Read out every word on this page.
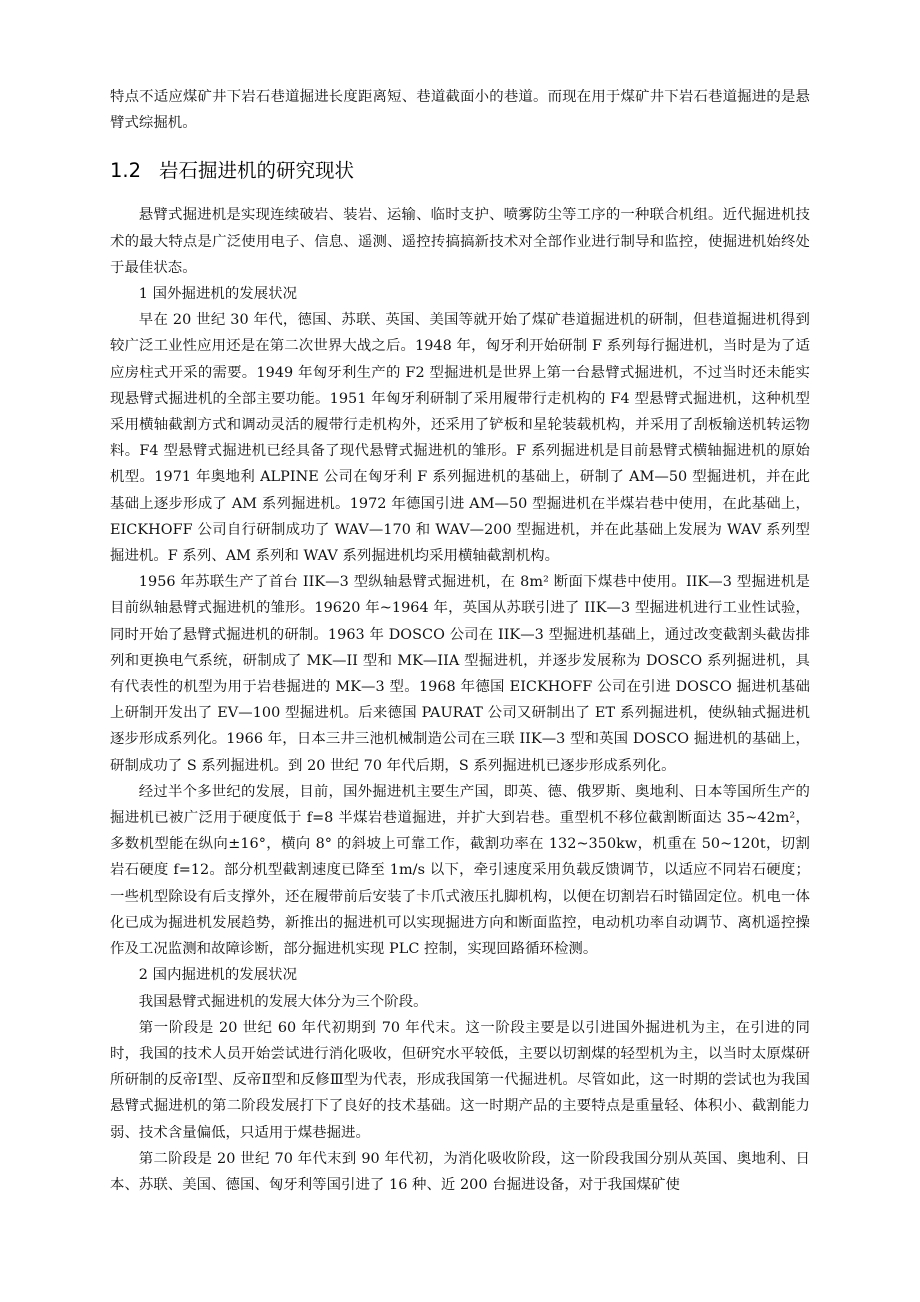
特点不适应煤矿井下岩石巷道掘进长度距离短、巷道截面小的巷道。而现在用于煤矿井下岩石巷道掘进的是悬臂式综掘机。

1.2 岩石掘进机的研究现状

悬臂式掘进机是实现连续破岩、装岩、运输、临时支护、喷雾防尘等工序的一种联合机组。近代掘进机技术的最大特点是广泛使用电子、信息、遥测、遥控抟搞搞新技术对全部作业进行制导和监控，使掘进机始终处于最佳状态。

1 国外掘进机的发展状况

早在 20 世纪 30 年代，德国、苏联、英国、美国等就开始了煤矿巷道掘进机的研制，但巷道掘进机得到较广泛工业性应用还是在第二次世界大战之后。1948 年，匈牙利开始研制 F 系列每行掘进机，当时是为了适应房柱式开采的需要。1949 年匈牙利生产的 F2 型掘进机是世界上第一台悬臂式掘进机，不过当时还未能实现悬臂式掘进机的全部主要功能。1951 年匈牙利研制了采用履带行走机构的 F4 型悬臂式掘进机，这种机型采用横轴截割方式和调动灵活的履带行走机构外，还采用了铲板和星轮装载机构，并采用了刮板输送机转运物料。F4 型悬臂式掘进机已经具备了现代悬臂式掘进机的雏形。F 系列掘进机是目前悬臂式横轴掘进机的原始机型。1971 年奥地利 ALPINE 公司在匈牙利 F 系列掘进机的基础上，研制了 AM—50 型掘进机，并在此基础上逐步形成了 AM 系列掘进机。1972 年德国引进 AM—50 型掘进机在半煤岩巷中使用，在此基础上，EICKHOFF 公司自行研制成功了 WAV—170 和 WAV—200 型掘进机，并在此基础上发展为 WAV 系列型掘进机。F 系列、AM 系列和 WAV 系列掘进机均采用横轴截割机构。

1956 年苏联生产了首台 IIK—3 型纵轴悬臂式掘进机，在 8m² 断面下煤巷中使用。IIK—3 型掘进机是目前纵轴悬臂式掘进机的雏形。19620 年~1964 年，英国从苏联引进了 IIK—3 型掘进机进行工业性试验，同时开始了悬臂式掘进机的研制。1963 年 DOSCO 公司在 IIK—3 型掘进机基础上，通过改变截割头截齿排列和更换电气系统，研制成了 MK—II 型和 MK—IIA 型掘进机，并逐步发展称为 DOSCO 系列掘进机，具有代表性的机型为用于岩巷掘进的 MK—3 型。1968 年德国 EICKHOFF 公司在引进 DOSCO 掘进机基础上研制开发出了 EV—100 型掘进机。后来德国 PAURAT 公司又研制出了 ET 系列掘进机，使纵轴式掘进机逐步形成系列化。1966 年，日本三井三池机械制造公司在三联 IIK—3 型和英国 DOSCO 掘进机的基础上，研制成功了 S 系列掘进机。到 20 世纪 70 年代后期，S 系列掘进机已逐步形成系列化。

经过半个多世纪的发展，目前，国外掘进机主要生产国，即英、德、俄罗斯、奥地利、日本等国所生产的掘进机已被广泛用于硬度低于 f=8 半煤岩巷道掘进，并扩大到岩巷。重型机不移位截割断面达 35~42m²，多数机型能在纵向±16°，横向 8° 的斜坡上可靠工作，截割功率在 132~350kw，机重在 50~120t，切割岩石硬度 f=12。部分机型截割速度已降至 1m/s 以下，牵引速度采用负载反馈调节，以适应不同岩石硬度；一些机型除设有后支撑外，还在履带前后安装了卡爪式液压扎脚机构，以便在切割岩石时锚固定位。机电一体化已成为掘进机发展趋势，新推出的掘进机可以实现掘进方向和断面监控，电动机功率自动调节、离机遥控操作及工况监测和故障诊断，部分掘进机实现 PLC 控制，实现回路循环检测。

2 国内掘进机的发展状况

我国悬臂式掘进机的发展大体分为三个阶段。

第一阶段是 20 世纪 60 年代初期到 70 年代末。这一阶段主要是以引进国外掘进机为主，在引进的同时，我国的技术人员开始尝试进行消化吸收，但研究水平较低，主要以切割煤的轻型机为主，以当时太原煤研所研制的反帝Ⅰ型、反帝Ⅱ型和反修Ⅲ型为代表，形成我国第一代掘进机。尽管如此，这一时期的尝试也为我国悬臂式掘进机的第二阶段发展打下了良好的技术基础。这一时期产品的主要特点是重量轻、体积小、截割能力弱、技术含量偏低，只适用于煤巷掘进。

第二阶段是 20 世纪 70 年代末到 90 年代初，为消化吸收阶段，这一阶段我国分别从英国、奥地利、日本、苏联、美国、德国、匈牙利等国引进了 16 种、近 200 台掘进设备，对于我国煤矿使
